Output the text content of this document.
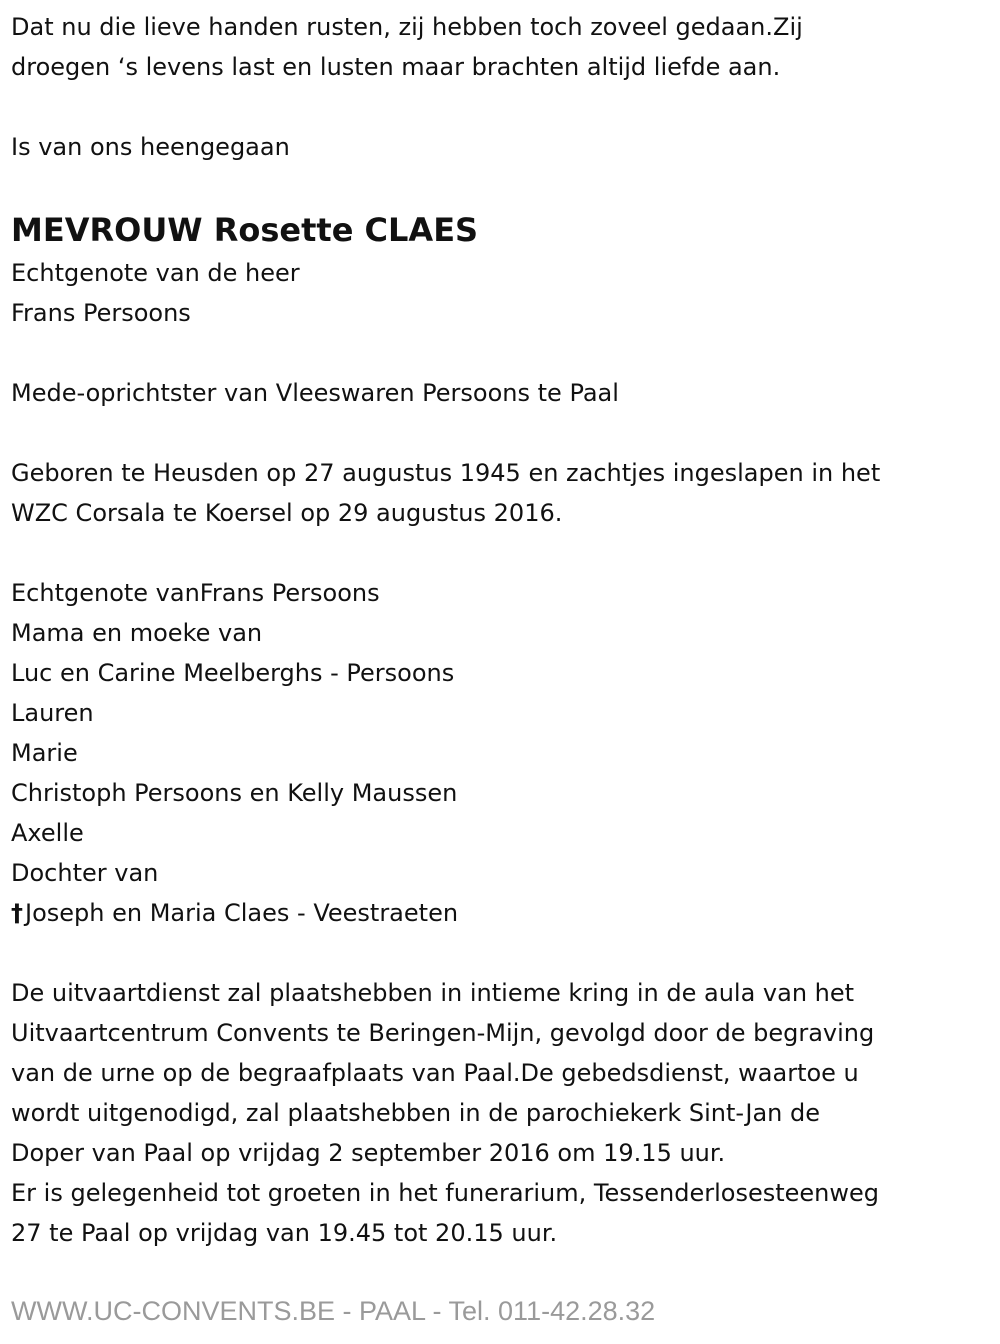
Dat nu die lieve handen rusten, zij hebben toch zoveel gedaan.Zij
droegen ‘s levens last en lusten maar brachten altijd liefde aan.
Is van ons heengegaan
MEVROUW Rosette CLAES
Echtgenote van de heer
Frans Persoons
Mede-oprichtster van Vleeswaren Persoons te Paal
Geboren te Heusden op 27 augustus 1945 en zachtjes ingeslapen in het
WZC Corsala te Koersel op 29 augustus 2016.
Echtgenote vanFrans Persoons
Mama en moeke van
Luc en Carine Meelberghs - Persoons
Lauren
Marie
Christoph Persoons en Kelly Maussen
Axelle
Dochter van
†Joseph en Maria Claes - Veestraeten
De uitvaartdienst zal plaatshebben in intieme kring in de aula van het
Uitvaartcentrum Convents te Beringen-Mijn, gevolgd door de begraving
van de urne op de begraafplaats van Paal.De gebedsdienst, waartoe u
wordt uitgenodigd, zal plaatshebben in de parochiekerk Sint-Jan de
Doper van Paal op vrijdag 2 september 2016 om 19.15 uur.
Er is gelegenheid tot groeten in het funerarium, Tessenderlosesteenweg
27 te Paal op vrijdag van 19.45 tot 20.15 uur.
WWW.UC-CONVENTS.BE - PAAL - Tel. 011-42.28.32
